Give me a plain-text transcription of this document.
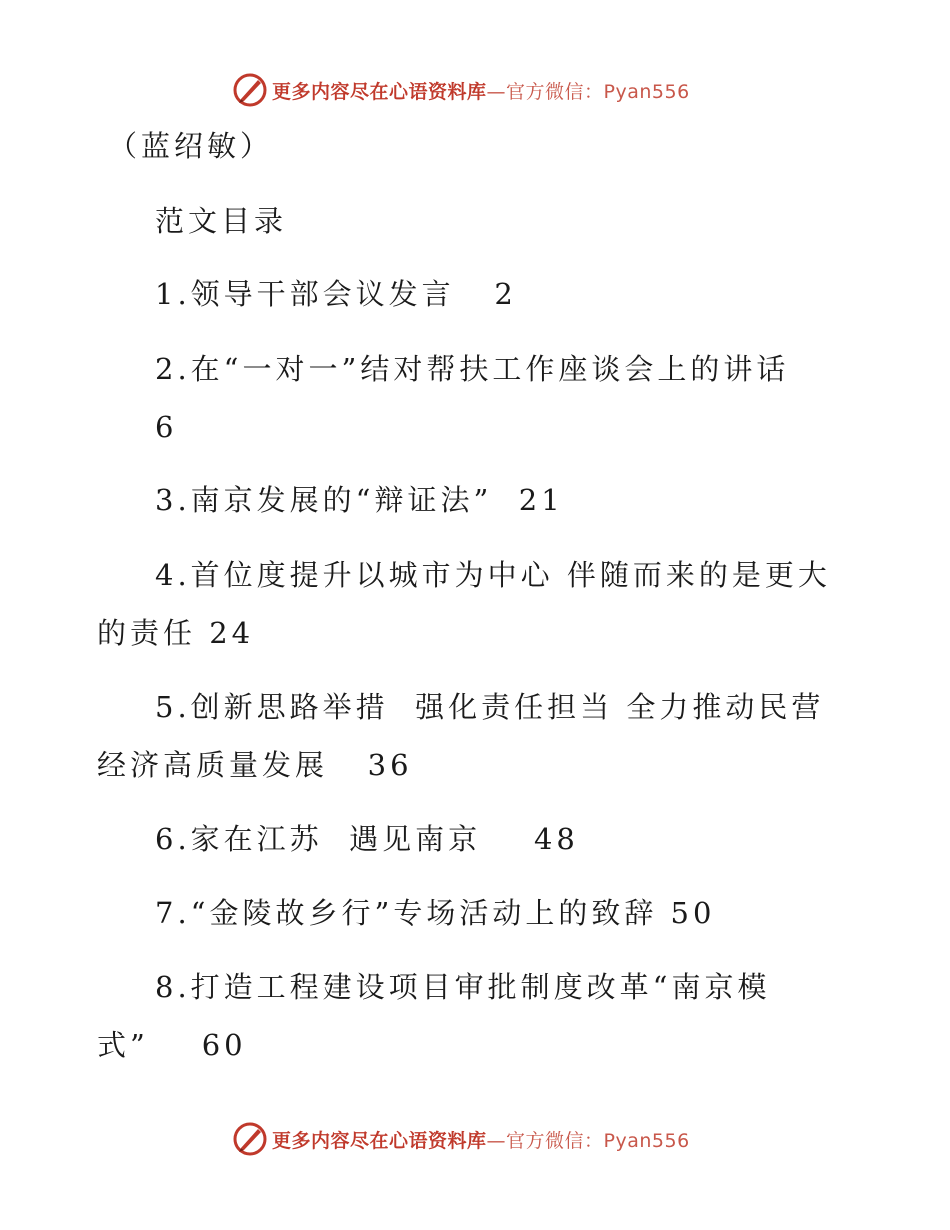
更多内容尽在心语资料库—官方微信：Pyan556
（蓝绍敏）
范文目录
1.领导干部会议发言   2
2.在“一对一”结对帮扶工作座谈会上的讲话
6
3.南京发展的“辩证法”  21
4.首位度提升以城市为中心 伴随而来的是更大
的责任 24
5.创新思路举措  强化责任担当 全力推动民营
经济高质量发展   36
6.家在江苏  遇见南京    48
7.“金陵故乡行”专场活动上的致辞 50
8.打造工程建设项目审批制度改革“南京模
式”    60
更多内容尽在心语资料库—官方微信：Pyan556
